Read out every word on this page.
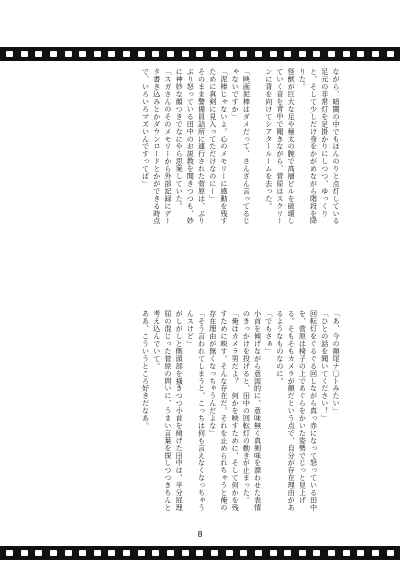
ながら、暗闇の中でもほんのりと点灯している足元の非常灯を足掛かりにしつつ、ゆっくりと、そして少しだけ身をかがめながら階段を降りた。

怪獣が巨大な足や極太の腕で高層ビルを破壊していく音を背中で聞きながら、菅原はスクリーンに背を向けてシアタールームを去った。

「映画泥棒はダメだって、さんざん言ってるじゃないですか」

「泥棒じゃないよ。心のメモリーに感動を残すために真剣に見入ってただけなのにー」

そのまま警備員詰所に連行された菅原は、ぶりぶり怒っている田中のお説教を聞きつつも、妙に神妙な顔つきでなにやら思案していた。

「スガさんのそのメモリーから外部記録にデータ書き込みとかダウンロードとかができる時点で、いろいろマズいんですってば」

「あ、今の顔尾ナ〇トみたい」

「ひとの話を聞いてください！」

回転灯をぐるぐる回しながら真っ赤になって怒っている田中を、菅原は椅子の上であぐらをかいた姿勢でじっと見上げる。そもそもカメラが顔だという点で、自分が存在理由があるようなものなのに。

「でもさぁ」

小首を傾げながら意図的に、意味無く真剣味を漂わせた表情のきっかけを投げると、田中の回転灯の動きが止まった。

「俺はカメラ男だよ？　何かを映すために、そして何かを残すために映す。そんな存在だ。それを止められちゃうと俺の存在理由が無くなっちゃうんだよな」

「そう言われてしまうと、こっちは何も言えなくなっちゃうんスけど」

がしがしと側頭部を搔きつつ小首を傾げた田中は、半分屁理屈の混じった菅原の問いに、うまい言葉を探しつつきちんと考え込んでいて。

ああ、こういうところ好きだなあ。

8
